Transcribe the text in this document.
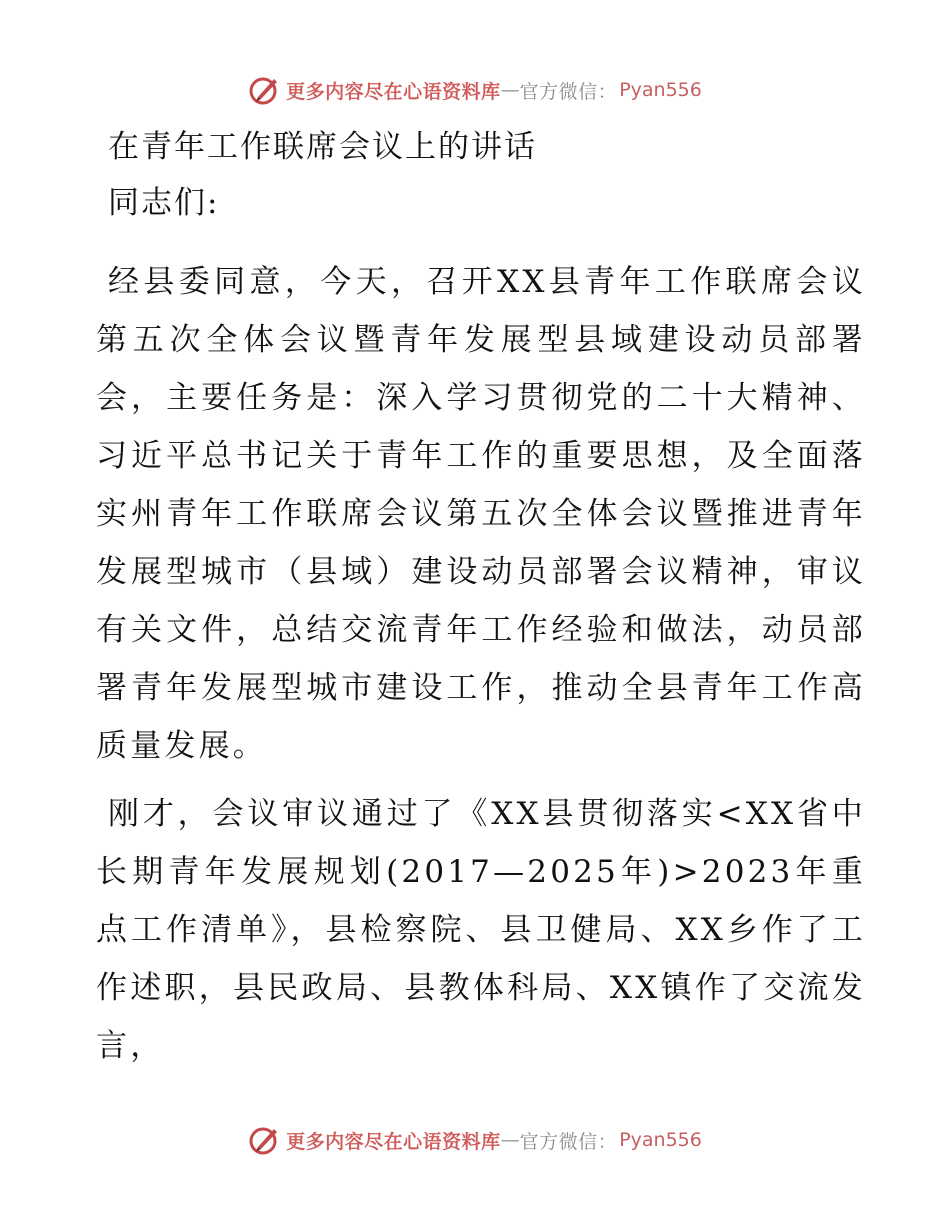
更多内容尽在心语资料库 — 官方微信： Pyan556
在青年工作联席会议上的讲话
同志们:

经县委同意，今天，召开XX县青年工作联席会议第五次全体会议暨青年发展型县域建设动员部署会，主要任务是：深入学习贯彻党的二十大精神、习近平总书记关于青年工作的重要思想，及全面落实州青年工作联席会议第五次全体会议暨推进青年发展型城市（县域）建设动员部署会议精神，审议有关文件，总结交流青年工作经验和做法，动员部署青年发展型城市建设工作，推动全县青年工作高质量发展。

刚才，会议审议通过了《XX县贯彻落实<XX省中长期青年发展规划(2017—2025年)>2023年重点工作清单》，县检察院、县卫健局、XX乡作了工作述职，县民政局、县教体科局、XX镇作了交流发言，

更多内容尽在心语资料库 — 官方微信： Pyan556
